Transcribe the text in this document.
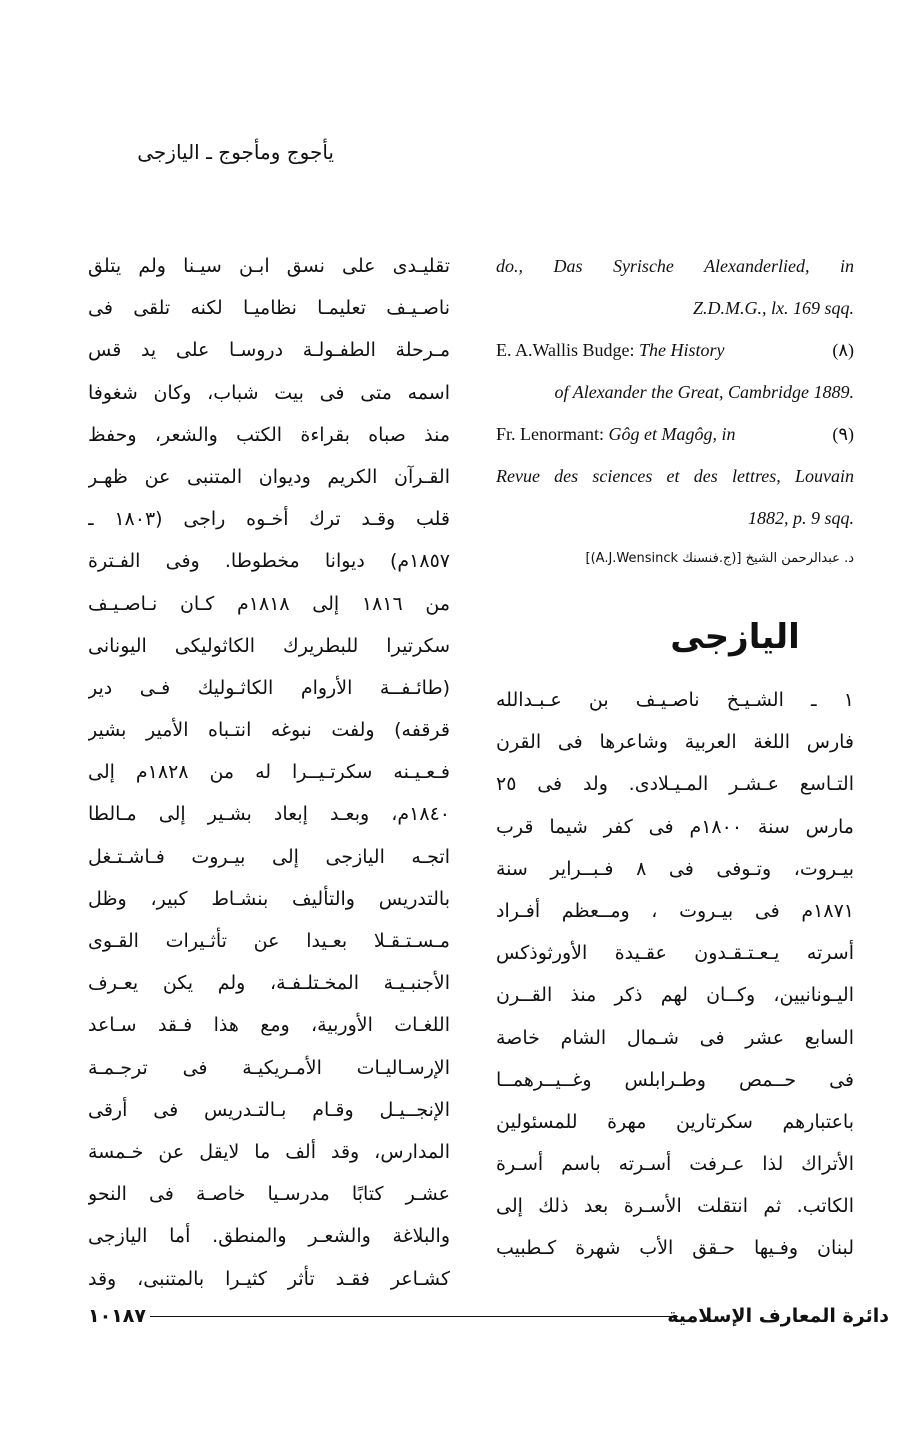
يأجوج ومأجوج ـ اليازجى
تقليـدى على نسق ابـن سيـنا ولم يتلق
ناصـيـف تعليمـا نظاميـا لكنه تلقى فى
مـرحلة الطفـولـة دروسـا على يد قس
اسمه متى فى بيت شباب، وكان شغوفا
منذ صباه بقراءة الكتب والشعر، وحفظ
القـرآن الكريم وديوان المتنبى عن ظهـر
قلب وقـد ترك أخـوه راجى (١٨٠٣ ـ
١٨٥٧م) ديوانا مخطوطا. وفى الفـترة
من ١٨١٦ إلى ١٨١٨م كـان نـاصـيـف
سكرتيرا للبطريرك الكاثوليكى اليونانى
(طائـفــة الأروام الكاثـوليك فـى دير
قرقفه) ولفت نبوغه انتـباه الأمير بشير
فـعـيـنه سكرتـيــرا له من ١٨٢٨م إلى
١٨٤٠م، وبعـد إبعاد بشـير إلى مـالطا
اتجـه اليازجى إلى بيـروت فـاشـتـغل
بالتدريس والتأليف بنشـاط كبير، وظل
مـسـتـقـلا بعـيدا عن تأثـيرات القـوى
الأجنبـيـة المخـتلـفـة، ولم يكن يعـرف
اللغـات الأوربية، ومع هذا فـقد سـاعد
الإرسـاليـات الأمـريكيـة فى ترجـمـة
الإنجــيـل وقـام بـالتـدريس فى أرقى
المدارس، وقد ألف ما لايقل عن خـمسة
عشـر كتابًا مدرسـيا خاصـة فى النحو
والبلاغة والشعـر والمنطق. أما اليازجى
كشـاعر فقـد تأثر كثيـرا بالمتنبى، وقد
do., Das Syrische Alexanderlied, in
Z.D.M.G., lx. 169 sqq.
E. A.Wallis Budge: The History	(٨)
of Alexander the Great, Cambridge 1889.
Fr. Lenormant: Gôg et Magôg, in	(٩)
Revue des sciences et des lettres, Louvain
1882, p. 9 sqq.
د. عبدالرحمن الشيخ [(ج.فنسنك A.J.Wensinck)]
اليازجى
١ ـ الشـيـخ ناصـيـف بن عـبـدالله
فارس اللغة العربية وشاعرها فى القرن
التـاسع عـشـر المـيـلادى. ولد فى ٢٥
مارس سنة ١٨٠٠م فى كفر شيما قرب
بيـروت، وتـوفى فى ٨ فـبــراير سنة
١٨٧١م فى بيـروت ، ومــعظم أفـراد
أسرته يـعـتـقـدون عقـيدة الأورثوذكس
اليـونانيين، وكــان لهم ذكر منذ القــرن
السابع عشر فى شـمال الشام خاصة
فى حــمص وطـرابلس وغــيــرهمــا
باعتبارهم سكرتارين مهرة للمسئولين
الأتراك لذا عـرفت أسـرته باسم أسـرة
الكاتب. ثم انتقلت الأسـرة بعد ذلك إلى
لبنان وفـيها حـقق الأب شهرة كـطبيب
١٠١٨٧	دائرة المعارف الإسلامية
